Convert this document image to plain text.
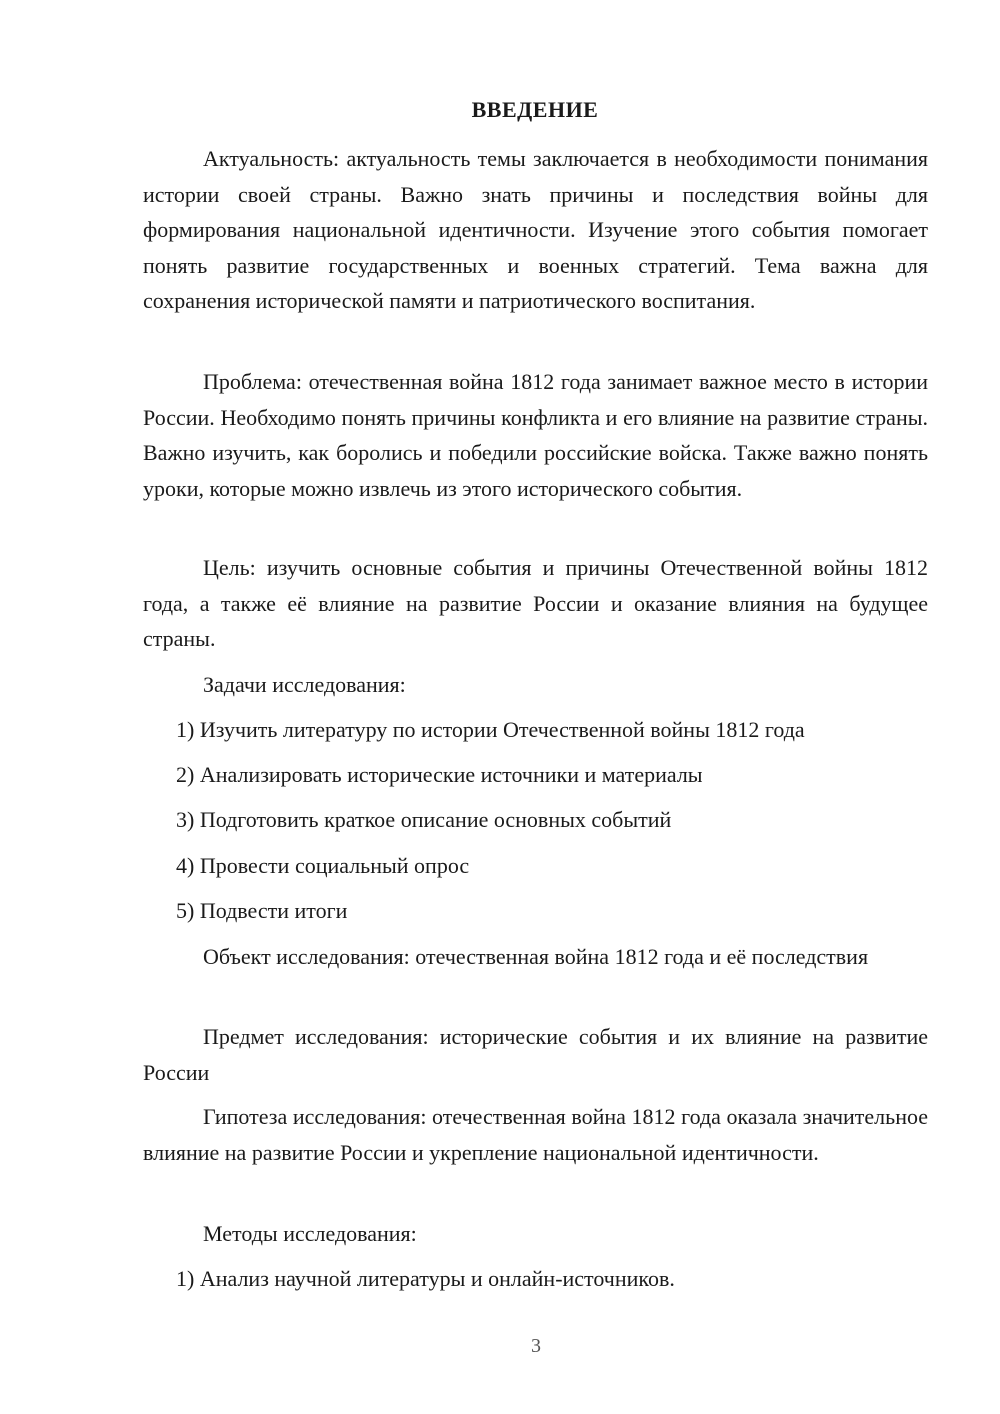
ВВЕДЕНИЕ

Актуальность: актуальность темы заключается в необходимости понимания истории своей страны. Важно знать причины и последствия войны для формирования национальной идентичности. Изучение этого события помогает понять развитие государственных и военных стратегий. Тема важна для сохранения исторической памяти и патриотического воспитания.

Проблема: отечественная война 1812 года занимает важное место в истории России. Необходимо понять причины конфликта и его влияние на развитие страны. Важно изучить, как боролись и победили российские войска. Также важно понять уроки, которые можно извлечь из этого исторического события.

Цель: изучить основные события и причины Отечественной войны 1812 года, а также её влияние на развитие России и оказание влияния на будущее страны.

Задачи исследования:

1) Изучить литературу по истории Отечественной войны 1812 года
2) Анализировать исторические источники и материалы
3) Подготовить краткое описание основных событий
4) Провести социальный опрос
5) Подвести итоги

Объект исследования: отечественная война 1812 года и её последствия

Предмет исследования: исторические события и их влияние на развитие России

Гипотеза исследования: отечественная война 1812 года оказала значительное влияние на развитие России и укрепление национальной идентичности.

Методы исследования:

1) Анализ научной литературы и онлайн-источников.
3
